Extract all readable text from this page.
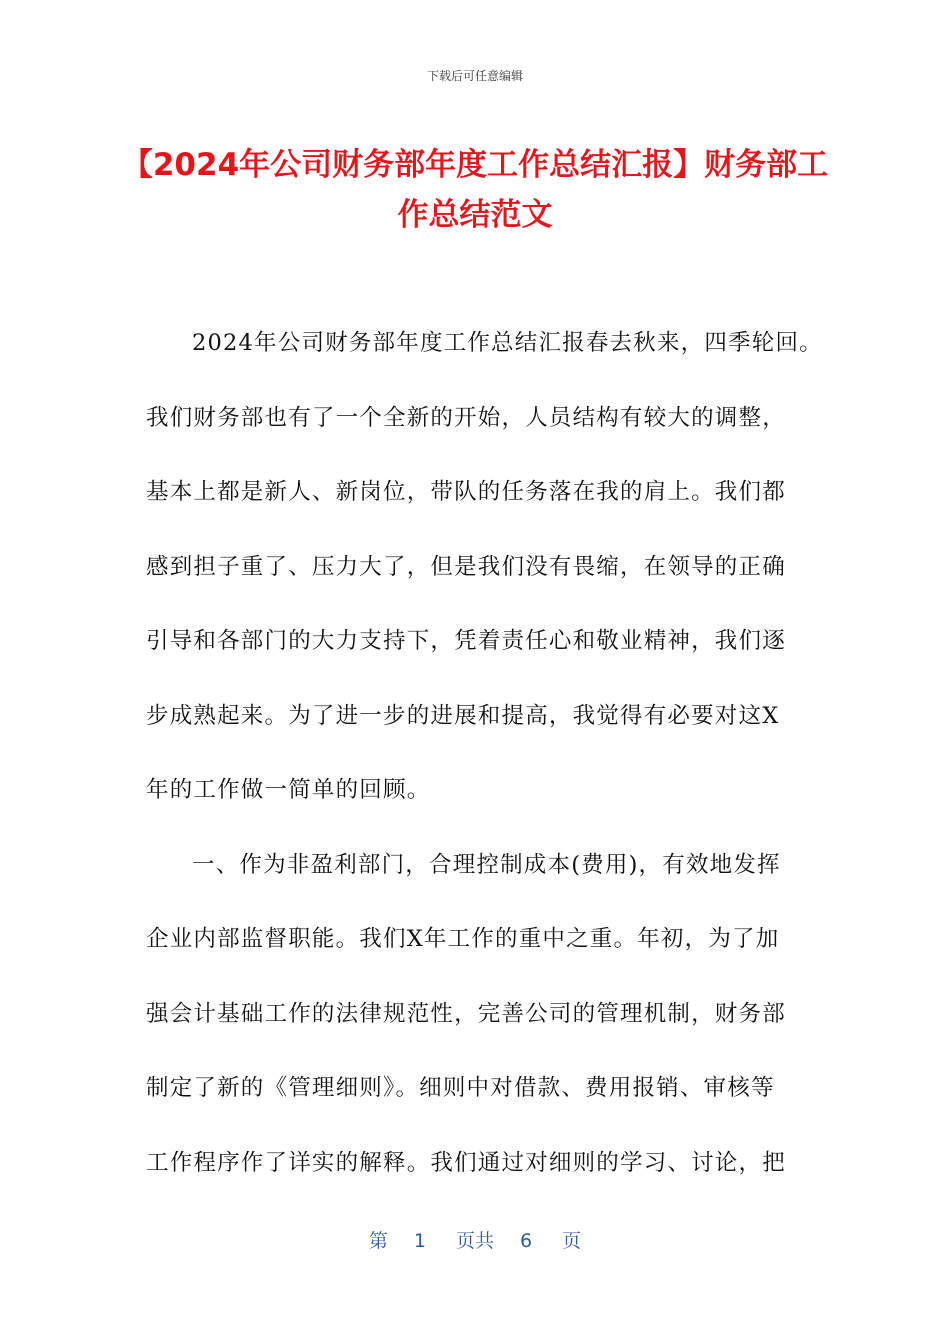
下载后可任意编辑
【2024年公司财务部年度工作总结汇报】财务部工作总结范文
2024年公司财务部年度工作总结汇报春去秋来，四季轮回。
我们财务部也有了一个全新的开始，人员结构有较大的调整，
基本上都是新人、新岗位，带队的任务落在我的肩上。我们都
感到担子重了、压力大了，但是我们没有畏缩，在领导的正确
引导和各部门的大力支持下，凭着责任心和敬业精神，我们逐
步成熟起来。为了进一步的进展和提高，我觉得有必要对这X
年的工作做一简单的回顾。
一、作为非盈利部门，合理控制成本(费用)，有效地发挥
企业内部监督职能。我们X年工作的重中之重。年初，为了加
强会计基础工作的法律规范性，完善公司的管理机制，财务部
制定了新的《管理细则》。细则中对借款、费用报销、审核等
工作程序作了详实的解释。我们通过对细则的学习、讨论，把
第 1 页共 6 页
